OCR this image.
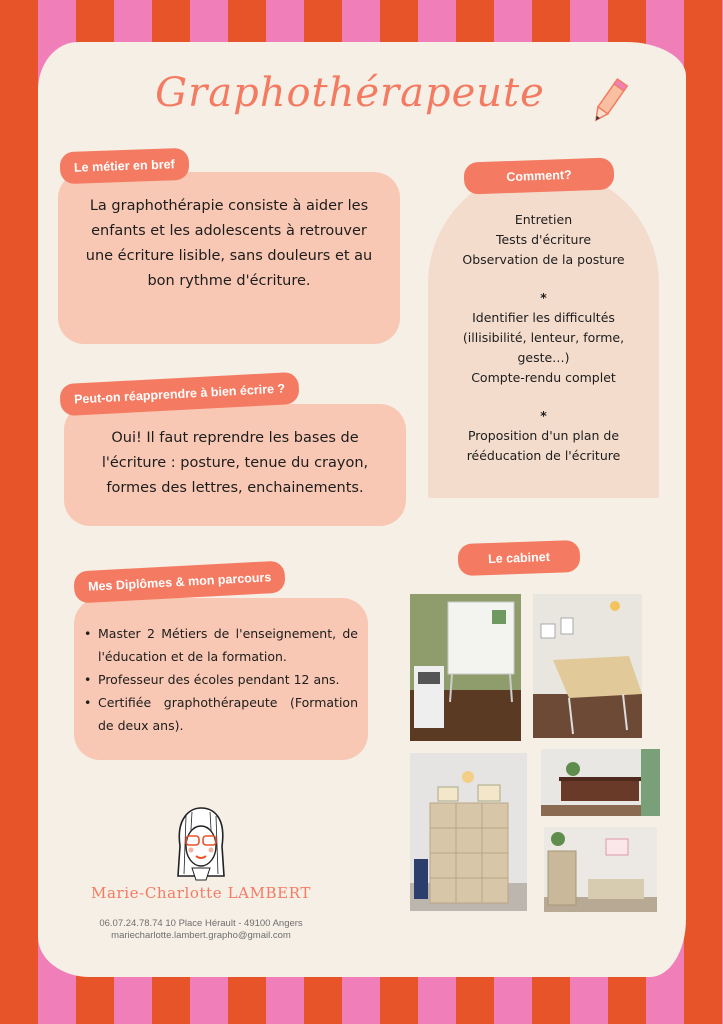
Graphothérapeute

La graphothérapie consiste à aider les enfants et les adolescents à retrouver une écriture lisible, sans douleurs et au bon rythme d'écriture.

Le métier en bref

Oui! Il faut reprendre les bases de l'écriture : posture, tenue du crayon, formes des lettres, enchainements.

Peut-on réapprendre à bien écrire ?
Comment?
Entretien
Tests d'écriture
Observation de la posture
*
Identifier les difficultés
(illisibilité, lenteur, forme,
geste…)
Compte-rendu complet
*
Proposition d'un plan de
rééducation de l'écriture
• Master 2 Métiers de l'enseignement, de l'éducation et de la formation.
• Professeur des écoles pendant 12 ans.
• Certifiée graphothérapeute (Formation de deux ans).
Mes Diplômes & mon parcours
Le cabinet
Marie-Charlotte LAMBERT
06.07.24.78.74 10 Place Hérault - 49100 Angers
mariecharlotte.lambert.grapho@gmail.com
